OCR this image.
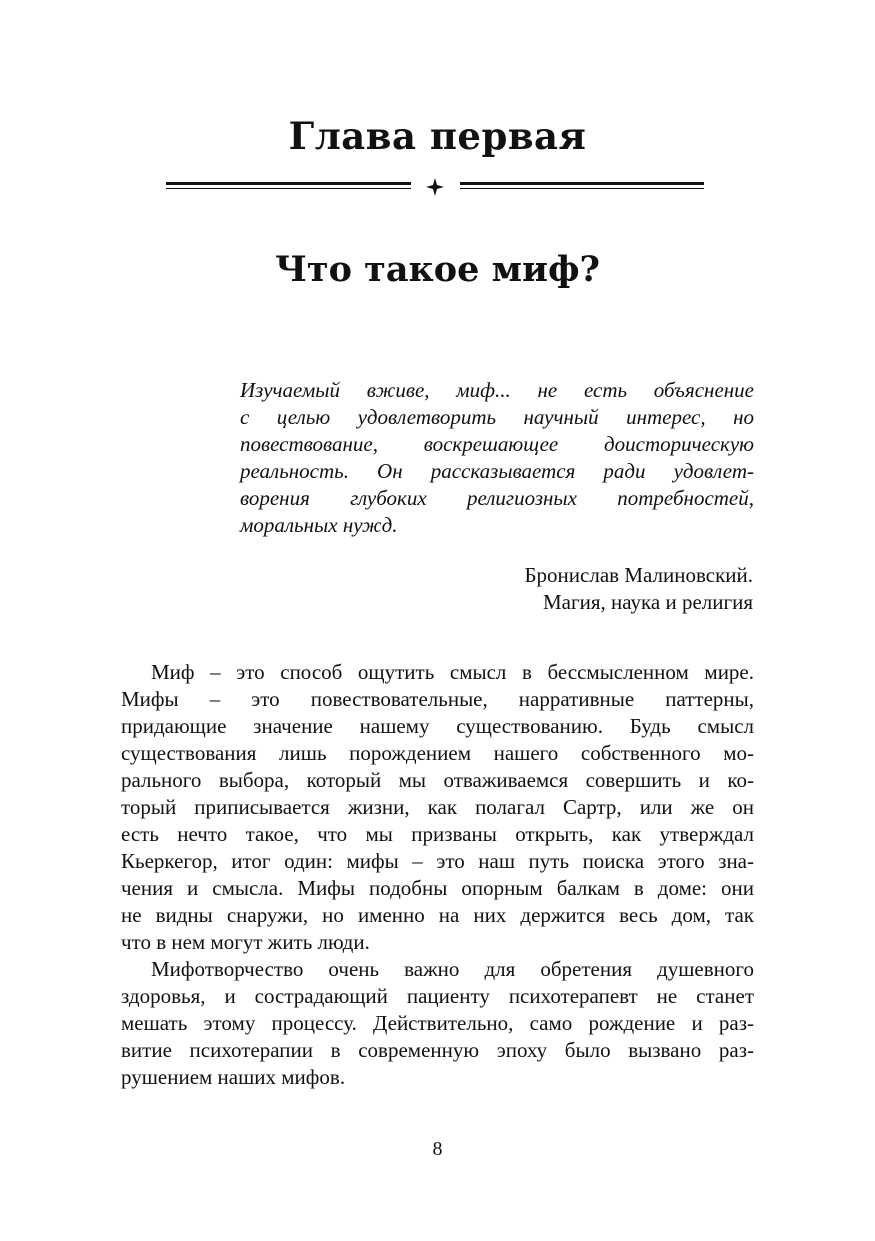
Глава первая
Что такое миф?
Изучаемый вживе, миф... не есть объяснение
с целью удовлетворить научный интерес, но
повествование, воскрешающее доисторическую
реальность. Он рассказывается ради удовлет-
ворения глубоких религиозных потребностей,
моральных нужд.
Бронислав Малиновский.
Магия, наука и религия
Миф – это способ ощутить смысл в бессмысленном мире.
Мифы – это повествовательные, нарративные паттерны,
придающие значение нашему существованию. Будь смысл
существования лишь порождением нашего собственного мо-
рального выбора, который мы отваживаемся совершить и ко-
торый приписывается жизни, как полагал Сартр, или же он
есть нечто такое, что мы призваны открыть, как утверждал
Кьеркегор, итог один: мифы – это наш путь поиска этого зна-
чения и смысла. Мифы подобны опорным балкам в доме: они
не видны снаружи, но именно на них держится весь дом, так
что в нем могут жить люди.
Мифотворчество очень важно для обретения душевного
здоровья, и сострадающий пациенту психотерапевт не станет
мешать этому процессу. Действительно, само рождение и раз-
витие психотерапии в современную эпоху было вызвано раз-
рушением наших мифов.
8
